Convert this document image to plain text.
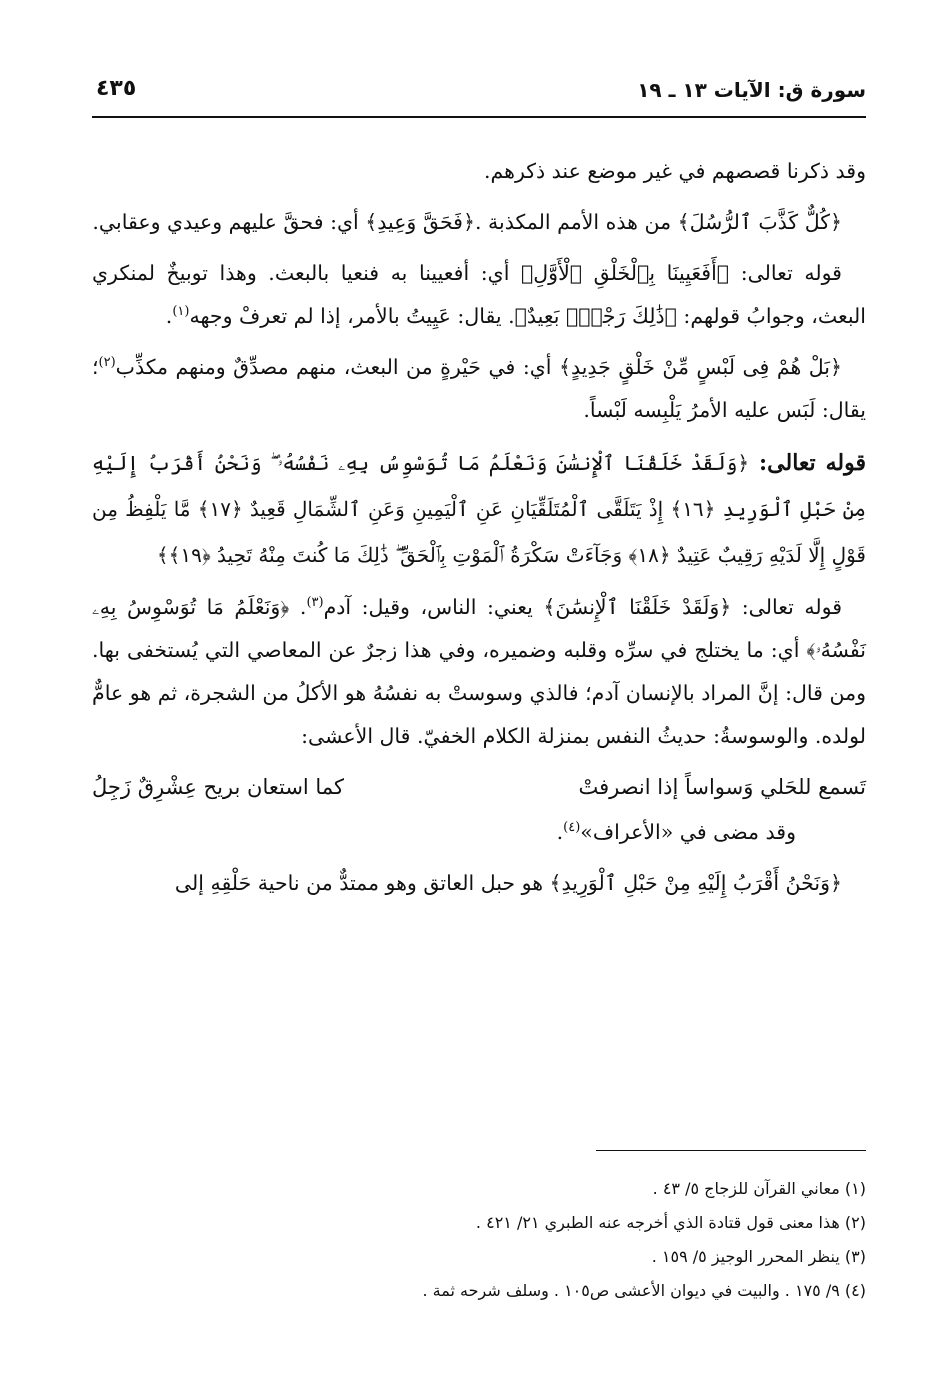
سورة ق: الآيات ١٣ ـ ١٩
٤٣٥

وقد ذكرنا قصصهم في غير موضع عند ذكرهم.

﴿كُلٌّ كَذَّبَ ٱلرُّسُلَ﴾ من هذه الأمم المكذبة .﴿فَحَقَّ وَعِيدِ﴾ أي: فحقَّ عليهم وعيدي وعقابي.

قوله تعالى: ﴿أَفَعَيِينَا بِٱلْخَلْقِ ٱلْأَوَّلِ﴾ أي: أفعيينا به فنعيا بالبعث. وهذا توبيخٌ لمنكري البعث، وجوابُ قولهم: ﴿ذَٰلِكَ رَجْعٌۢ بَعِيدٌ﴾. يقال: عَيِيتُ بالأمر، إذا لم تعرفْ وجهه$^{(١)}$.

﴿بَلْ هُمْ فِى لَبْسٍ مِّنْ خَلْقٍ جَدِيدٍ﴾ أي: في حَيْرةٍ من البعث، منهم مصدِّقٌ ومنهم مكذِّب$^{(٢)}$؛ يقال: لَبَس عليه الأمرُ يَلْبِسه لَبْساً.

قوله تعالى: ﴿وَلَقَدْ خَلَقْنَا ٱلْإِنسَٰنَ وَنَعْلَمُ مَا تُوَسْوِسُ بِهِۦ نَفْسُهُۥ ۖ وَنَحْنُ أَقْرَبُ إِلَيْهِ مِنْ حَبْلِ ٱلْوَرِيدِ ﴿١٦﴾ إِذْ يَتَلَقَّى ٱلْمُتَلَقِّيَانِ عَنِ ٱلْيَمِينِ وَعَنِ ٱلشِّمَالِ قَعِيدٌ ﴿١٧﴾ مَّا يَلْفِظُ مِن قَوْلٍ إِلَّا لَدَيْهِ رَقِيبٌ عَتِيدٌ ﴿١٨﴾ وَجَآءَتْ سَكْرَةُ ٱلْمَوْتِ بِٱلْحَقِّ ۖ ذَٰلِكَ مَا كُنتَ مِنْهُ تَحِيدُ ﴿١٩﴾﴾

قوله تعالى: ﴿وَلَقَدْ خَلَقْنَا ٱلْإِنسَٰنَ﴾ يعني: الناس، وقيل: آدم$^{(٣)}$. ﴿وَنَعْلَمُ مَا تُوَسْوِسُ بِهِۦ نَفْسُهُۥ﴾ أي: ما يختلج في سرِّه وقلبه وضميره، وفي هذا زجرٌ عن المعاصي التي يُستخفى بها. ومن قال: إنَّ المراد بالإنسان آدم؛ فالذي وسوستْ به نفسُهُ هو الأكلُ من الشجرة، ثم هو عامٌّ لولده. والوسوسةُ: حديثُ النفس بمنزلة الكلام الخفيّ. قال الأعشى:

تَسمع للحَلي وَسواساً إذا انصرفتْ
كما استعان بريح عِشْرِقٌ زَجِلُ

وقد مضى في «الأعراف»$^{(٤)}$.

﴿وَنَحْنُ أَقْرَبُ إِلَيْهِ مِنْ حَبْلِ ٱلْوَرِيدِ﴾ هو حبل العاتق وهو ممتدٌّ من ناحية حَلْقِهِ إلى

(١) معاني القرآن للزجاج ٥/ ٤٣ .
(٢) هذا معنى قول قتادة الذي أخرجه عنه الطبري ٢١/ ٤٢١ .
(٣) ينظر المحرر الوجيز ٥/ ١٥٩ .
(٤) ٩/ ١٧٥ . والبيت في ديوان الأعشى ص١٠٥ . وسلف شرحه ثمة .
